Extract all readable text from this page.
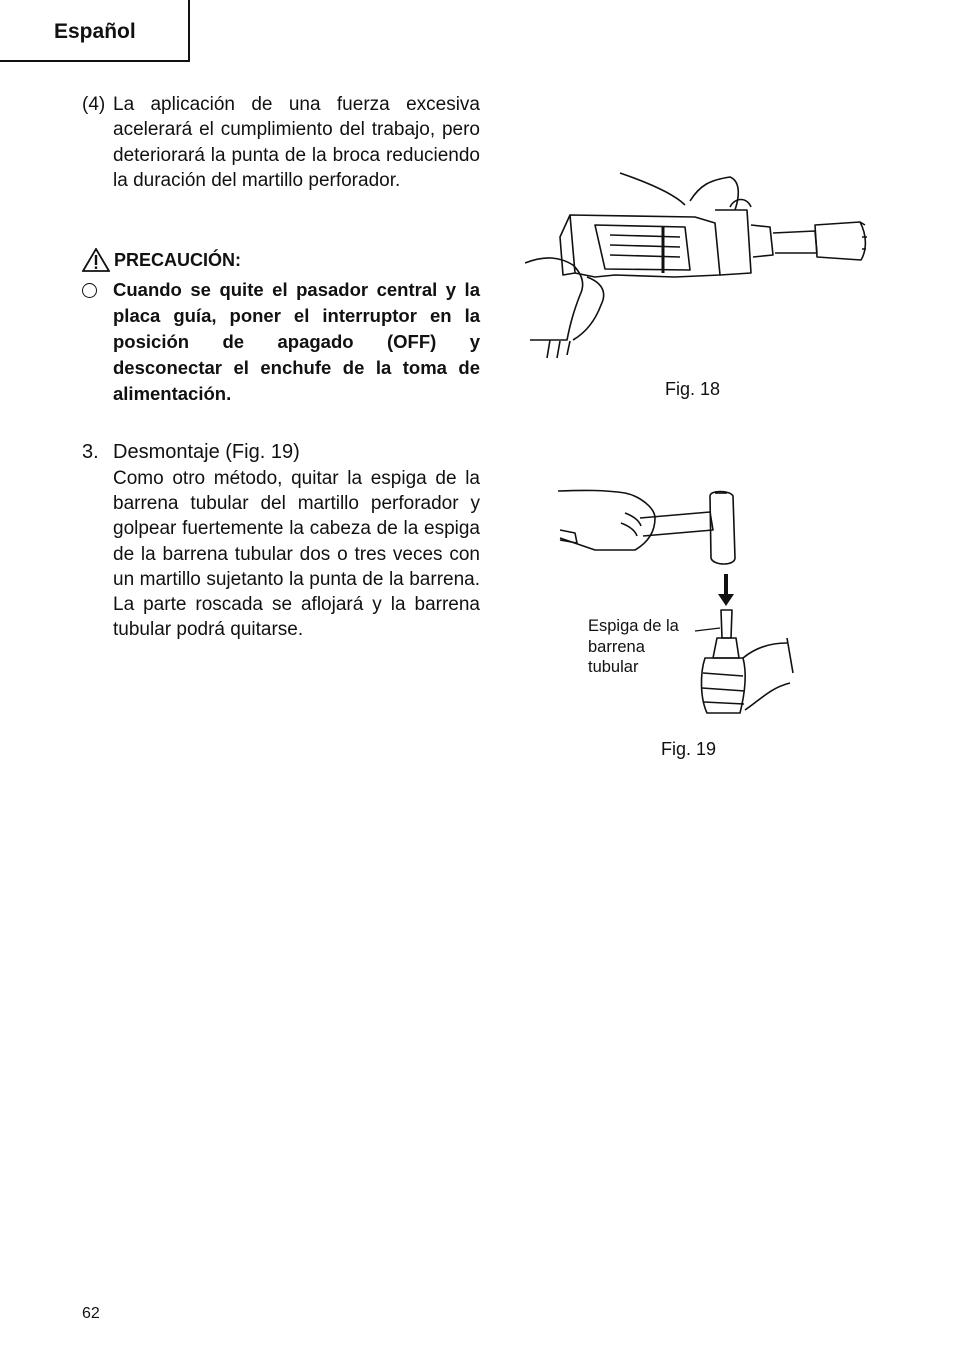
Español
(4) La aplicación de una fuerza excesiva acelerará el cumplimiento del trabajo, pero deteriorará la punta de la broca reduciendo la duración del martillo perforador.
PRECAUCIÓN:
Cuando se quite el pasador central y la placa guía, poner el interruptor en la posición de apagado (OFF) y desconectar el enchufe de la toma de alimentación.
3. Desmontaje (Fig. 19)
Como otro método, quitar la espiga de la barrena tubular del martillo perforador y golpear fuertemente la cabeza de la espiga de la barrena tubular dos o tres veces con un martillo sujetanto la punta de la barrena. La parte roscada se aflojará y la barrena tubular podrá quitarse.
Fig. 18
Espiga de la
barrena
tubular
Fig. 19
62
